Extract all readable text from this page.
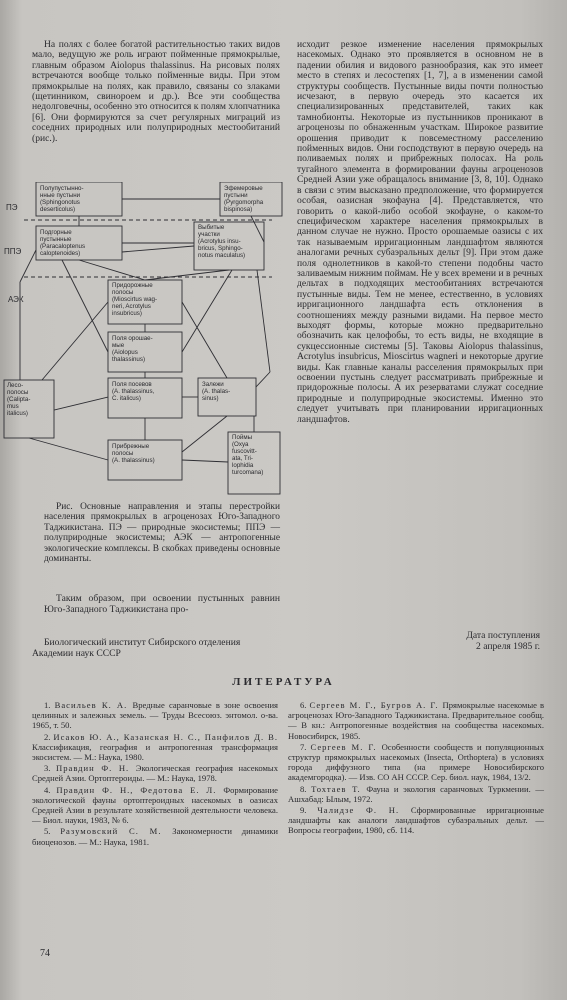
На полях с более богатой растительностью таких видов мало, ведущую же роль играют пойменные прямокрылые, главным образом Aiolopus thalassinus. На рисовых полях встречаются вообще только пойменные виды. При этом прямокрылые на полях, как правило, связаны со злаками (щетинником, свинороем и др.). Все эти сообщества недолговечны, особенно это относится к полям хлопчатника [6]. Они формируются за счет регулярных миграций из соседних природных или полуприродных местообитаний (рис.).

ПЭ
ППЭ
АЭК
Полупустынно-
нные пустыни
(Sphingonotus
deserticolus)
Эфемеровые
пустыни
(Pyrgomorpha
bispinosa)
Подгорные
пустынные
(Paracaloptenus
caloptenoides)
Выбитые
участки
(Acrotylus insu-
bricus, Sphingo-
notus maculatus)
Придорожные
полосы
(Mioscirtus wag-
neri, Acrotylus
insubricus)
Поля орошае-
мые
(Aiolopus
thalassinus)
Лесо-
полосы
(Calipta-
mus
italicus)
Поля посевов
(A. thalassinus,
C. italicus)
Залежи
(A. thalas-
sinus)
Прибрежные
полосы
(A. thalassinus)
Поймы
(Oxya
fuscovitt-
ata, Tri-
lophidia
turcomana)
Рис. Основные направления и этапы перестройки населения прямокрылых в агроценозах Юго-Западного Таджикистана. ПЭ — природные экосистемы; ППЭ — полуприродные экосистемы; АЭК — антропогенные экологические комплексы. В скобках приведены основные доминанты.
Таким образом, при освоении пустынных равнин Юго-Западного Таджикистана про-
Биологический институт Сибирского отделения Академии наук СССР
Дата поступления
2 апреля 1985 г.

исходит резкое изменение населения прямокрылых насекомых. Однако это проявляется в основном не в падении обилия и видового разнообразия, как это имеет место в степях и лесостепях [1, 7], а в изменении самой структуры сообществ. Пустынные виды почти полностью исчезают, в первую очередь это касается их специализированных представителей, таких как тамнобионты. Некоторые из пустынников проникают в агроценозы по обнаженным участкам. Широкое развитие орошения приводит к повсеместному расселению пойменных видов. Они господствуют в первую очередь на поливаемых полях и прибрежных полосах. На роль тугайного элемента в формировании фауны агроценозов Средней Азии уже обращалось внимание [3, 8, 10]. Однако в связи с этим высказано предположение, что формируется особая, оазисная экофауна [4]. Представляется, что говорить о какой-либо особой экофауне, о каком-то специфическом характере населения прямокрылых в данном случае не нужно. Просто орошаемые оазисы с их так называемым ирригационным ландшафтом являются аналогами речных субаэральных дельт [9]. При этом даже поля однолетников в какой-то степени подобны часто заливаемым нижним поймам. Не у всех времени и в речных дельтах в подходящих местообитаниях встречаются пустынные виды. Тем не менее, естественно, в условиях ирригационного ландшафта есть отклонения в соотношениях между разными видами. На первое место выходят формы, которые можно предварительно обозначить как целофобы, то есть виды, не входящие в сукцессионные системы [5]. Таковы Aiolopus thalassinus, Acrotylus insubricus, Mioscirtus wagneri и некоторые другие виды. Как главные каналы расселения прямокрылых при освоении пустынь следует рассматривать прибрежные и придорожные полосы. А их резерватами служат соседние природные и полуприродные экосистемы. Именно это следует учитывать при планировании ирригационных ландшафтов.

ЛИТЕРАТУРА

1. Васильев К. А. Вредные саранчовые в зоне освоения целинных и залежных земель. — Труды Всесоюз. энтомол. о-ва. 1965, т. 50.

2. Исаков Ю. А., Казанская Н. С., Панфилов Д. В. Классификация, география и антропогенная трансформация экосистем. — М.: Наука, 1980.

3. Правдин Ф. Н. Экологическая география насекомых Средней Азии. Ортоптероиды. — М.: Наука, 1978.

4. Правдин Ф. Н., Федотова Е. Л. Формирование экологической фауны ортоптероидных насекомых в оазисах Средней Азии в результате хозяйственной деятельности человека. — Биол. науки, 1983, № 6.

5. Разумовский С. М. Закономерности динамики биоценозов. — М.: Наука, 1981.

6. Сергеев М. Г., Бугров А. Г. Прямокрылые насекомые в агроценозах Юго-Западного Таджикистана. Предварительное сообщ. — В кн.: Антропогенные воздействия на сообщества насекомых. Новосибирск, 1985.

7. Сергеев М. Г. Особенности сообществ и популяционных структур прямокрылых насекомых (Insecta, Orthoptera) в условиях города диффузного типа (на примере Новосибирского академгородка). — Изв. СО АН СССР. Сер. биол. наук, 1984, 13/2.

8. Тохтаев Т. Фауна и экология саранчовых Туркмении. — Ашхабад: Ылым, 1972.

9. Чалидзе Ф. Н. Сформированные ирригационные ландшафты как аналоги ландшафтов субаэральных дельт. — Вопросы географии, 1980, сб. 114.

74
